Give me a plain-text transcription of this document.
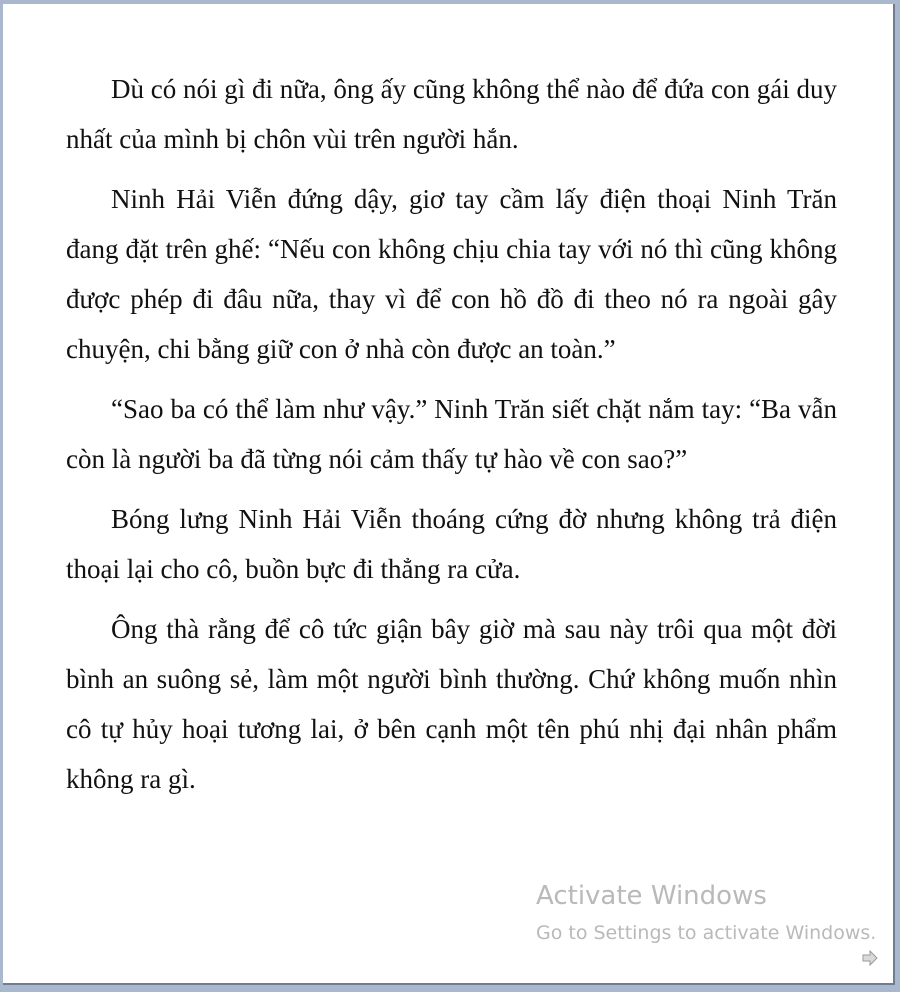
Dù có nói gì đi nữa, ông ấy cũng không thể nào để đứa con gái duy nhất của mình bị chôn vùi trên người hắn.

Ninh Hải Viễn đứng dậy, giơ tay cầm lấy điện thoại Ninh Trăn đang đặt trên ghế: “Nếu con không chịu chia tay với nó thì cũng không được phép đi đâu nữa, thay vì để con hồ đồ đi theo nó ra ngoài gây chuyện, chi bằng giữ con ở nhà còn được an toàn.”

“Sao ba có thể làm như vậy.” Ninh Trăn siết chặt nắm tay: “Ba vẫn còn là người ba đã từng nói cảm thấy tự hào về con sao?”

Bóng lưng Ninh Hải Viễn thoáng cứng đờ nhưng không trả điện thoại lại cho cô, buồn bực đi thẳng ra cửa.

Ông thà rằng để cô tức giận bây giờ mà sau này trôi qua một đời bình an suông sẻ, làm một người bình thường. Chứ không muốn nhìn cô tự hủy hoại tương lai, ở bên cạnh một tên phú nhị đại nhân phẩm không ra gì.

Activate Windows
Go to Settings to activate Windows.
